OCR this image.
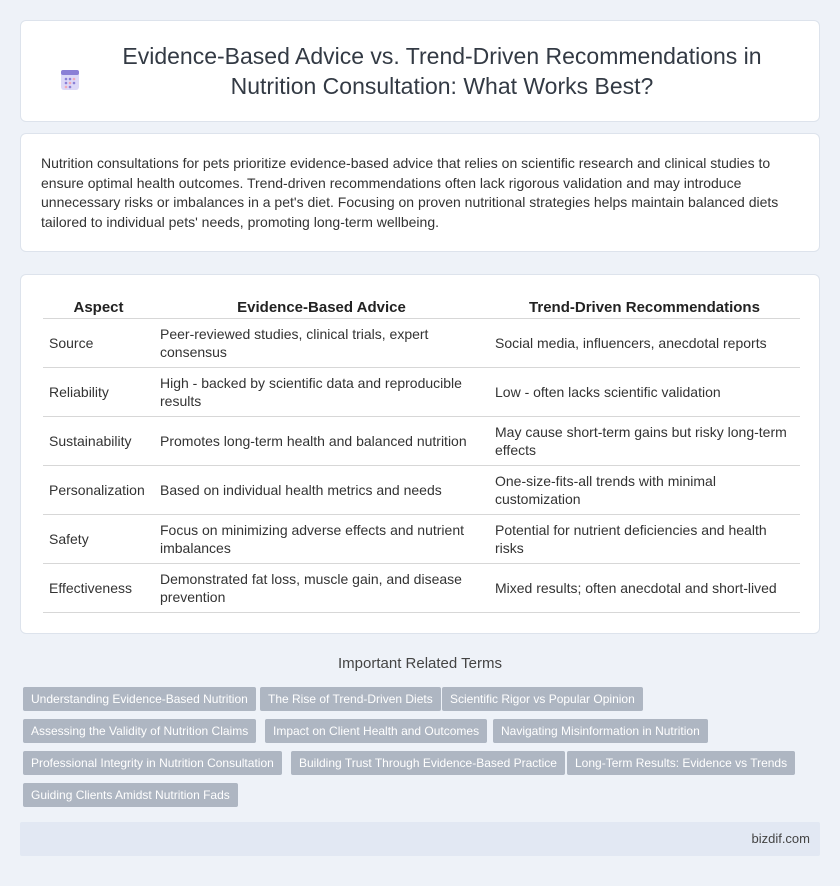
Evidence-Based Advice vs. Trend-Driven Recommendations in Nutrition Consultation: What Works Best?

Nutrition consultations for pets prioritize evidence-based advice that relies on scientific research and clinical studies to ensure optimal health outcomes. Trend-driven recommendations often lack rigorous validation and may introduce unnecessary risks or imbalances in a pet's diet. Focusing on proven nutritional strategies helps maintain balanced diets tailored to individual pets' needs, promoting long-term wellbeing.

Aspect	Evidence-Based Advice	Trend-Driven Recommendations
Source	Peer-reviewed studies, clinical trials, expert consensus	Social media, influencers, anecdotal reports
Reliability	High - backed by scientific data and reproducible results	Low - often lacks scientific validation
Sustainability	Promotes long-term health and balanced nutrition	May cause short-term gains but risky long-term effects
Personalization	Based on individual health metrics and needs	One-size-fits-all trends with minimal customization
Safety	Focus on minimizing adverse effects and nutrient imbalances	Potential for nutrient deficiencies and health risks
Effectiveness	Demonstrated fat loss, muscle gain, and disease prevention	Mixed results; often anecdotal and short-lived
Important Related Terms
Understanding Evidence-Based Nutrition	The Rise of Trend-Driven Diets	Scientific Rigor vs Popular Opinion
Assessing the Validity of Nutrition Claims	Impact on Client Health and Outcomes	Navigating Misinformation in Nutrition
Professional Integrity in Nutrition Consultation	Building Trust Through Evidence-Based Practice	Long-Term Results: Evidence vs Trends
Guiding Clients Amidst Nutrition Fads
bizdif.com
